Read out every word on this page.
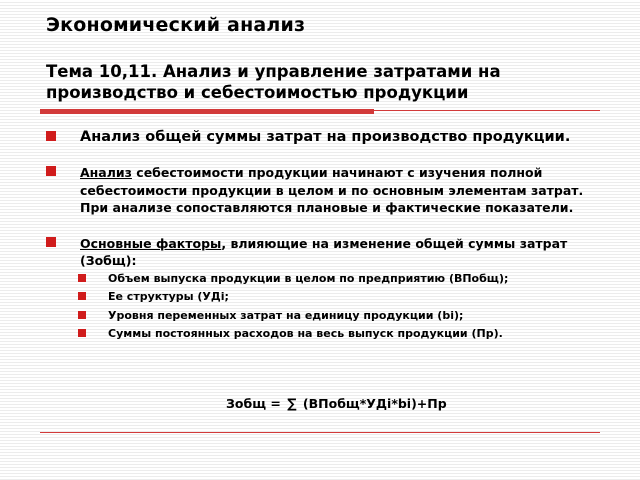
Экономический анализ
Тема 10,11. Анализ и управление затратами на производство и себестоимостью продукции
Анализ общей суммы затрат на производство продукции.
Анализ себестоимости продукции начинают с изучения полной себестоимости продукции в целом и по основным элементам затрат. При анализе сопоставляются плановые и фактические показатели.
Основные факторы, влияющие на изменение общей суммы затрат (Зобщ):
Объем выпуска продукции в целом по предприятию (ВПобщ);
Ее структуры (УДі;
Уровня переменных затрат на единицу продукции (bі);
Суммы постоянных расходов на весь выпуск продукции (Пр).
Зобщ = ∑ (ВПобщ*УДі*bі)+Пр
